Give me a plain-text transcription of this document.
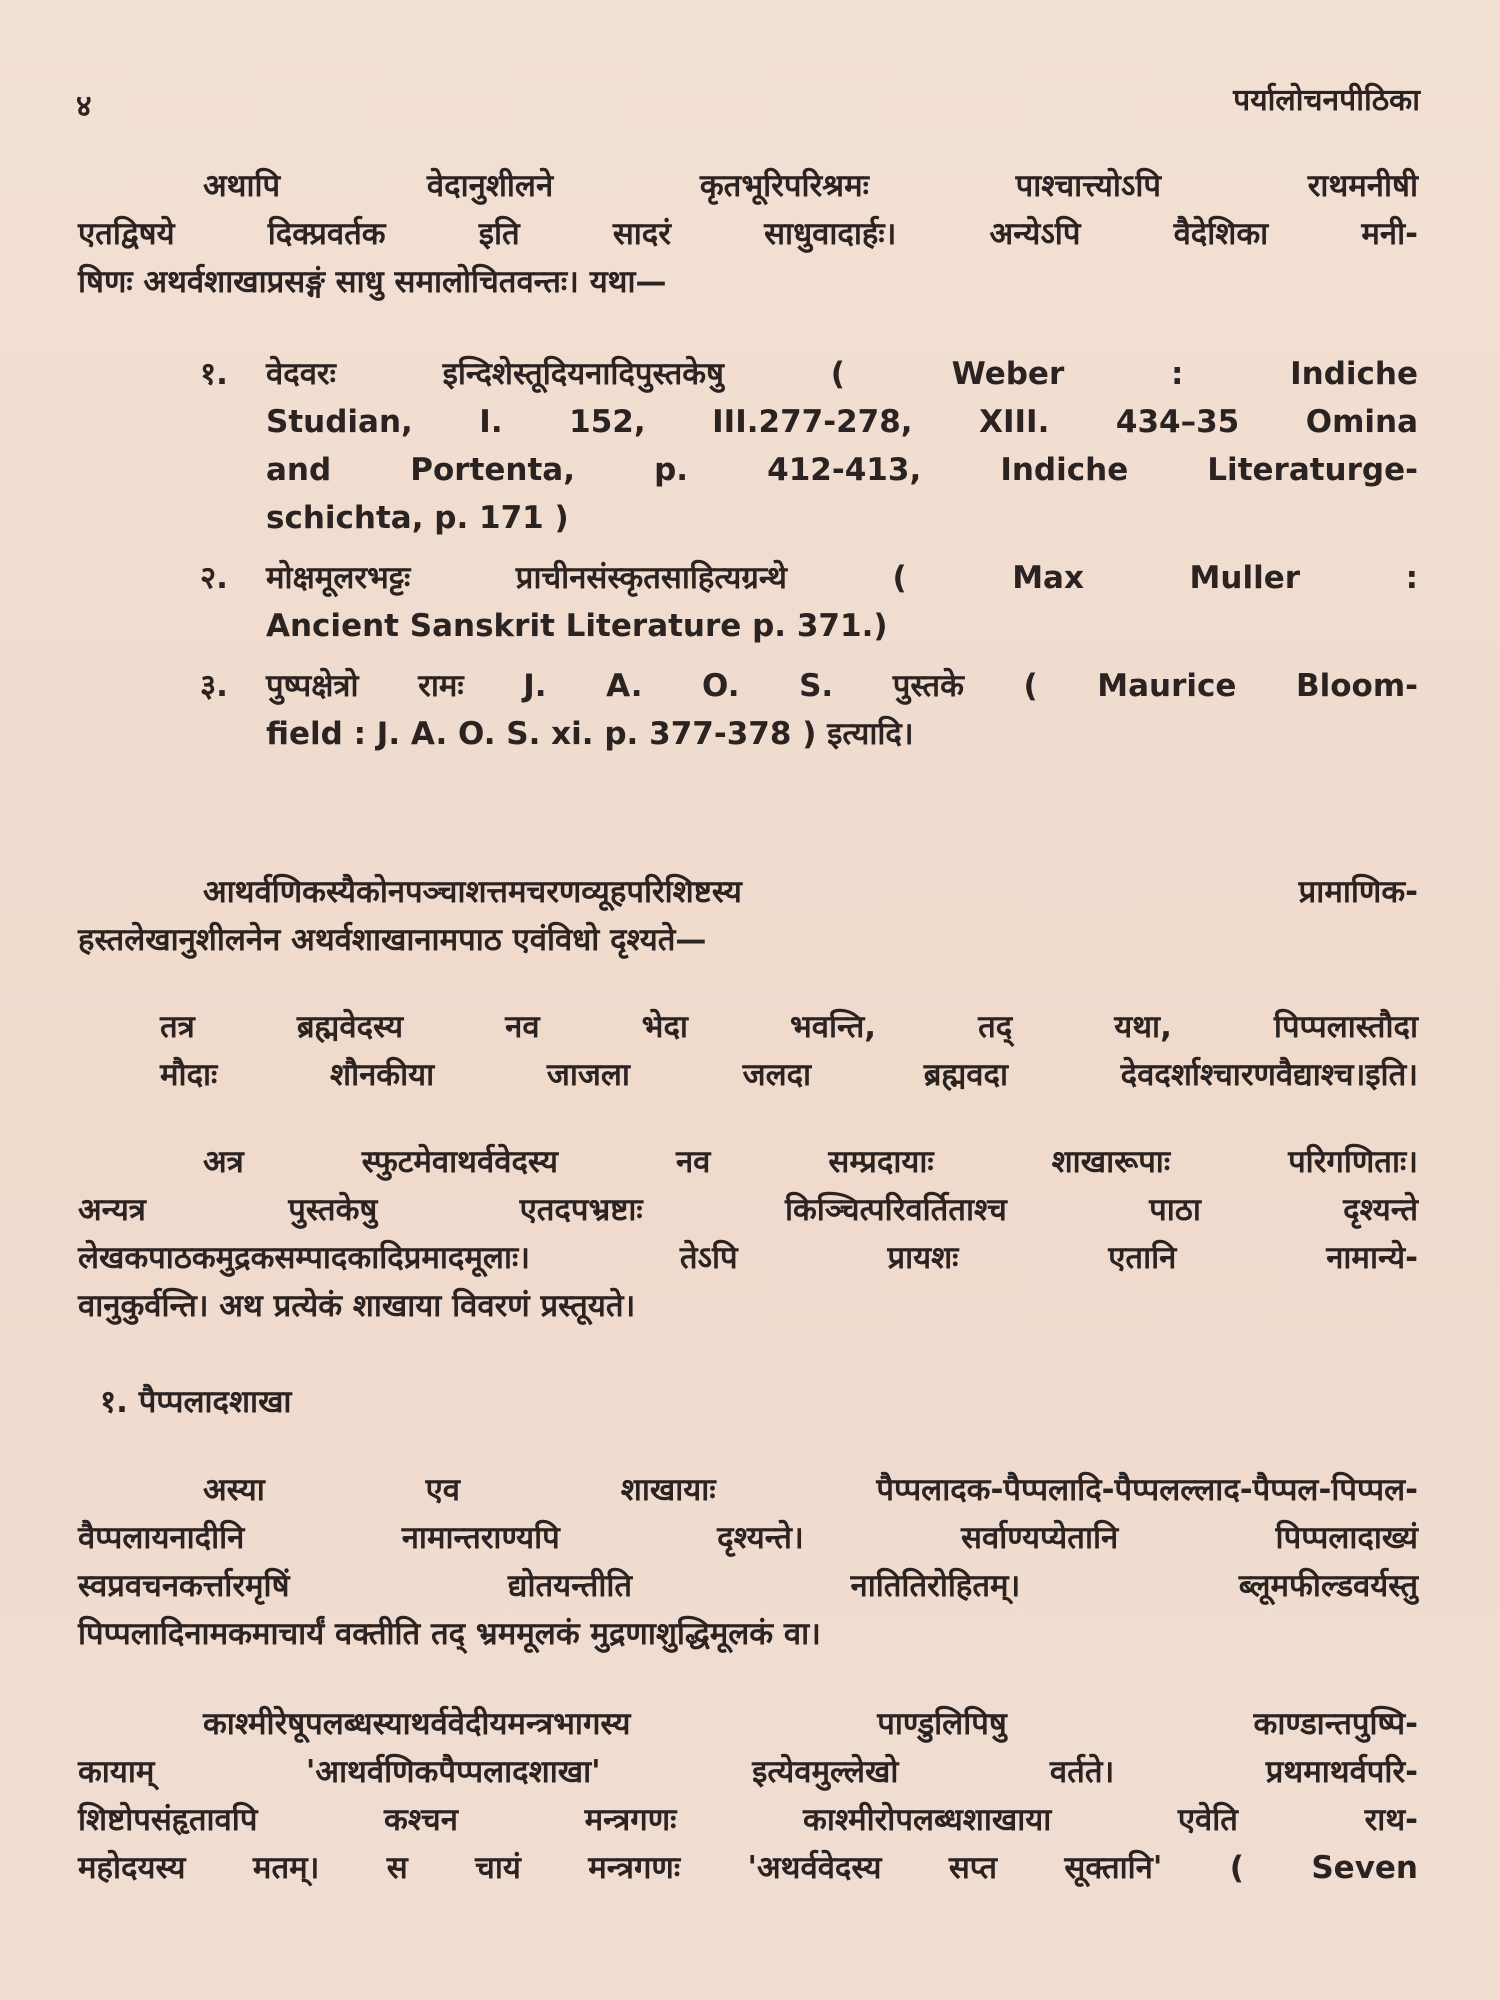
४	पर्यालोचनपीठिका
अथापि वेदानुशीलने कृतभूरिपरिश्रमः पाश्चात्त्योऽपि राथमनीषी
एतद्विषये दिक्प्रवर्तक इति सादरं साधुवादार्हः। अन्येऽपि वैदेशिका मनी-
षिणः अथर्वशाखाप्रसङ्गं साधु समालोचितवन्तः। यथा—
१. वेदवरः इन्दिशेस्तूदियनादिपुस्तकेषु ( Weber : Indiche
Studian, I. 152, III.277-278, XIII. 434–35 Omina
and Portenta, p. 412-413, Indiche Literaturge-
schichta, p. 171 )
२. मोक्षमूलरभट्टः प्राचीनसंस्कृतसाहित्यग्रन्थे ( Max Muller :
Ancient Sanskrit Literature p. 371.)
३. पुष्पक्षेत्रो रामः J. A. O. S. पुस्तके ( Maurice Bloom-
field : J. A. O. S. xi. p. 377-378 ) इत्यादि।
आथर्वणिकस्यैकोनपञ्चाशत्तमचरणव्यूहपरिशिष्टस्य प्रामाणिक-
हस्तलेखानुशीलनेन अथर्वशाखानामपाठ एवंविधो दृश्यते—
तत्र ब्रह्मवेदस्य नव भेदा भवन्ति, तद् यथा, पिप्पलास्तौदा
मौदाः शौनकीया जाजला जलदा ब्रह्मवदा देवदर्शाश्चारणवैद्याश्च।इति।
अत्र स्फुटमेवाथर्ववेदस्य नव सम्प्रदायाः शाखारूपाः परिगणिताः।
अन्यत्र पुस्तकेषु एतदपभ्रष्टाः किञ्चित्परिवर्तिताश्च पाठा दृश्यन्ते
लेखकपाठकमुद्रकसम्पादकादिप्रमादमूलाः। तेऽपि प्रायशः एतानि नामान्ये-
वानुकुर्वन्ति। अथ प्रत्येकं शाखाया विवरणं प्रस्तूयते।
१. पैप्पलादशाखा
अस्या एव शाखायाः पैप्पलादक-पैप्पलादि-पैप्पलल्लाद-पैप्पल-पिप्पल-
वैप्पलायनादीनि नामान्तराण्यपि दृश्यन्ते। सर्वाण्यप्येतानि पिप्पलादाख्यं
स्वप्रवचनकर्त्तारमृषिं द्योतयन्तीति नातितिरोहितम्। ब्लूमफील्डवर्यस्तु
पिप्पलादिनामकमाचार्यं वक्तीति तद् भ्रममूलकं मुद्रणाशुद्धिमूलकं वा।
काश्मीरेषूपलब्धस्याथर्ववेदीयमन्त्रभागस्य पाण्डुलिपिषु काण्डान्तपुष्पि-
कायाम् 'आथर्वणिकपैप्पलादशाखा' इत्येवमुल्लेखो वर्तते। प्रथमाथर्वपरि-
शिष्टोपसंहृतावपि कश्चन मन्त्रगणः काश्मीरोपलब्धशाखाया एवेति राथ-
महोदयस्य मतम्। स चायं मन्त्रगणः 'अथर्ववेदस्य सप्त सूक्तानि' ( Seven
